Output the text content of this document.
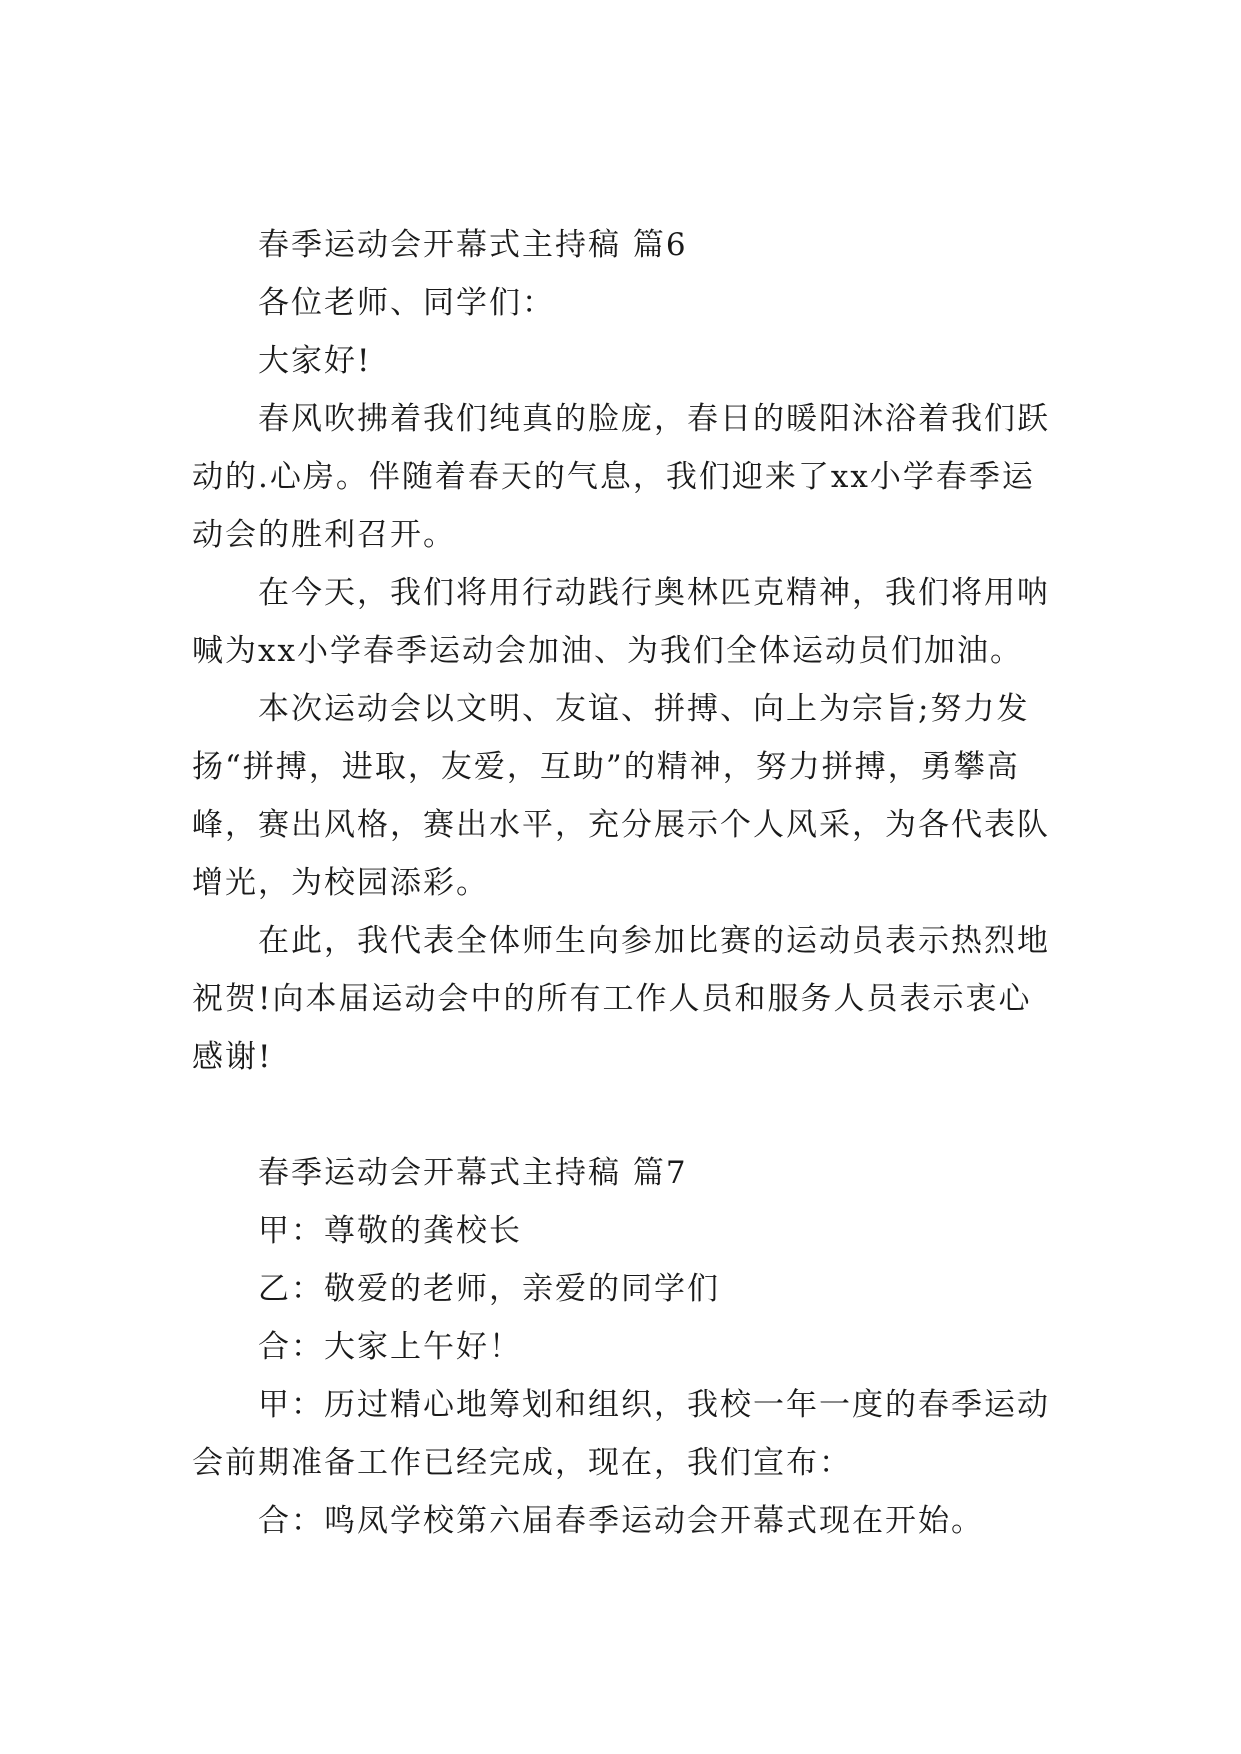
春季运动会开幕式主持稿 篇6

各位老师、同学们：

大家好!

春风吹拂着我们纯真的脸庞，春日的暖阳沐浴着我们跃
动的.心房。伴随着春天的气息，我们迎来了xx小学春季运
动会的胜利召开。

在今天，我们将用行动践行奥林匹克精神，我们将用呐
喊为xx小学春季运动会加油、为我们全体运动员们加油。

本次运动会以文明、友谊、拼搏、向上为宗旨;努力发
扬“拼搏，进取，友爱，互助”的精神，努力拼搏，勇攀高
峰，赛出风格，赛出水平，充分展示个人风采，为各代表队
增光，为校园添彩。

在此，我代表全体师生向参加比赛的运动员表示热烈地
祝贺!向本届运动会中的所有工作人员和服务人员表示衷心
感谢!

春季运动会开幕式主持稿 篇7

甲：尊敬的龚校长

乙：敬爱的老师，亲爱的同学们

合：大家上午好！

甲：历过精心地筹划和组织，我校一年一度的春季运动
会前期准备工作已经完成，现在，我们宣布：

合：鸣凤学校第六届春季运动会开幕式现在开始。
